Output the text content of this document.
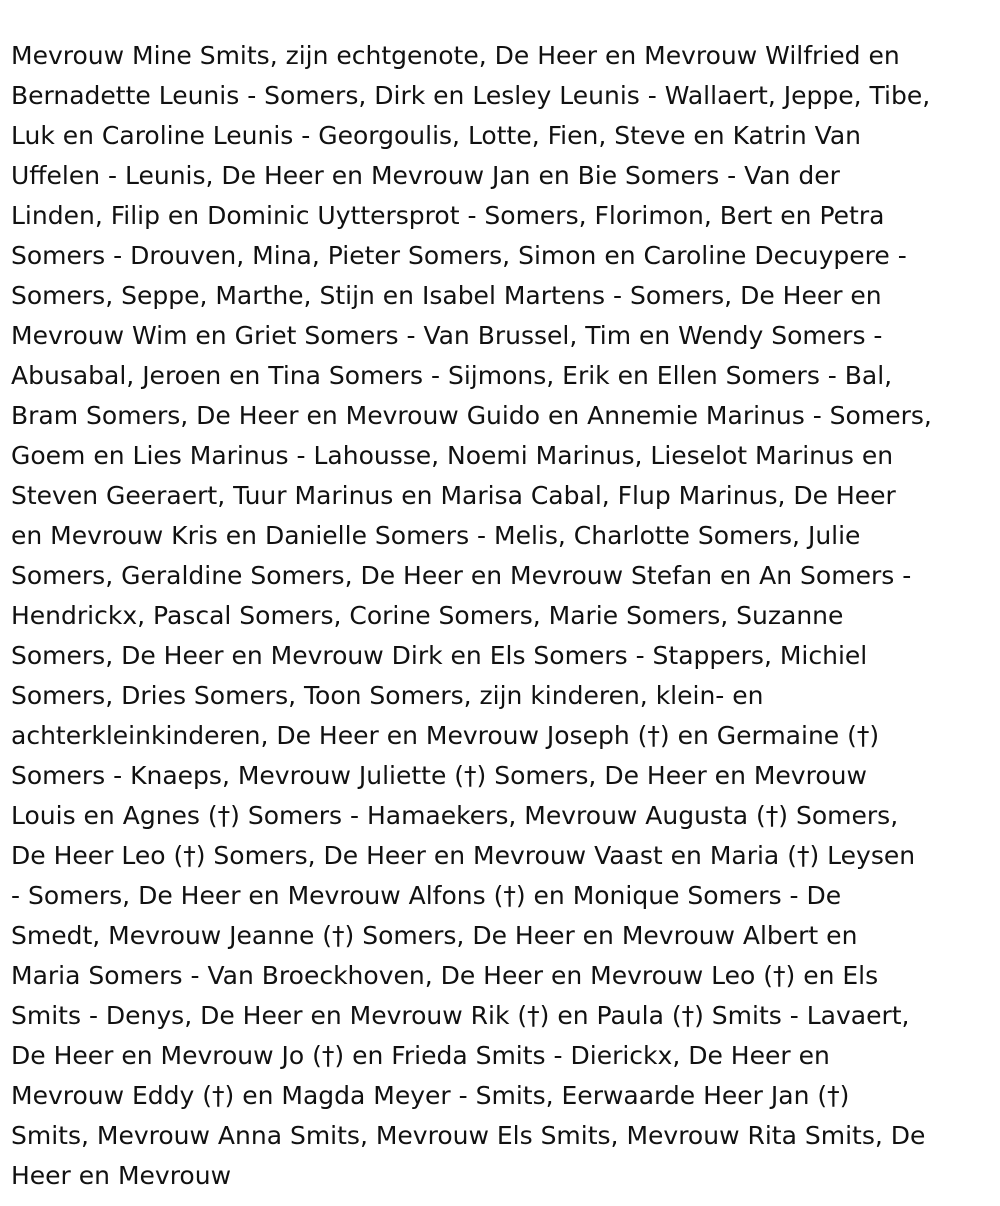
Mevrouw Mine Smits, zijn echtgenote, De Heer en Mevrouw Wilfried en
Bernadette Leunis - Somers, Dirk en Lesley Leunis - Wallaert, Jeppe, Tibe,
Luk en Caroline Leunis - Georgoulis, Lotte, Fien, Steve en Katrin Van
Uffelen - Leunis, De Heer en Mevrouw Jan en Bie Somers - Van der
Linden, Filip en Dominic Uyttersprot - Somers, Florimon, Bert en Petra
Somers - Drouven, Mina, Pieter Somers, Simon en Caroline Decuypere -
Somers, Seppe, Marthe, Stijn en Isabel Martens - Somers, De Heer en
Mevrouw Wim en Griet Somers - Van Brussel, Tim en Wendy Somers -
Abusabal, Jeroen en Tina Somers - Sijmons, Erik en Ellen Somers - Bal,
Bram Somers, De Heer en Mevrouw Guido en Annemie Marinus - Somers,
Goem en Lies Marinus - Lahousse, Noemi Marinus, Lieselot Marinus en
Steven Geeraert, Tuur Marinus en Marisa Cabal, Flup Marinus, De Heer
en Mevrouw Kris en Danielle Somers - Melis, Charlotte Somers, Julie
Somers, Geraldine Somers, De Heer en Mevrouw Stefan en An Somers -
Hendrickx, Pascal Somers, Corine Somers, Marie Somers, Suzanne
Somers, De Heer en Mevrouw Dirk en Els Somers - Stappers, Michiel
Somers, Dries Somers, Toon Somers, zijn kinderen, klein- en
achterkleinkinderen, De Heer en Mevrouw Joseph (†) en Germaine (†)
Somers - Knaeps, Mevrouw Juliette (†) Somers, De Heer en Mevrouw
Louis en Agnes (†) Somers - Hamaekers, Mevrouw Augusta (†) Somers,
De Heer Leo (†) Somers, De Heer en Mevrouw Vaast en Maria (†) Leysen
- Somers, De Heer en Mevrouw Alfons (†) en Monique Somers - De
Smedt, Mevrouw Jeanne (†) Somers, De Heer en Mevrouw Albert en
Maria Somers - Van Broeckhoven, De Heer en Mevrouw Leo (†) en Els
Smits - Denys, De Heer en Mevrouw Rik (†) en Paula (†) Smits - Lavaert,
De Heer en Mevrouw Jo (†) en Frieda Smits - Dierickx, De Heer en
Mevrouw Eddy (†) en Magda Meyer - Smits, Eerwaarde Heer Jan (†)
Smits, Mevrouw Anna Smits, Mevrouw Els Smits, Mevrouw Rita Smits, De
Heer en Mevrouw
